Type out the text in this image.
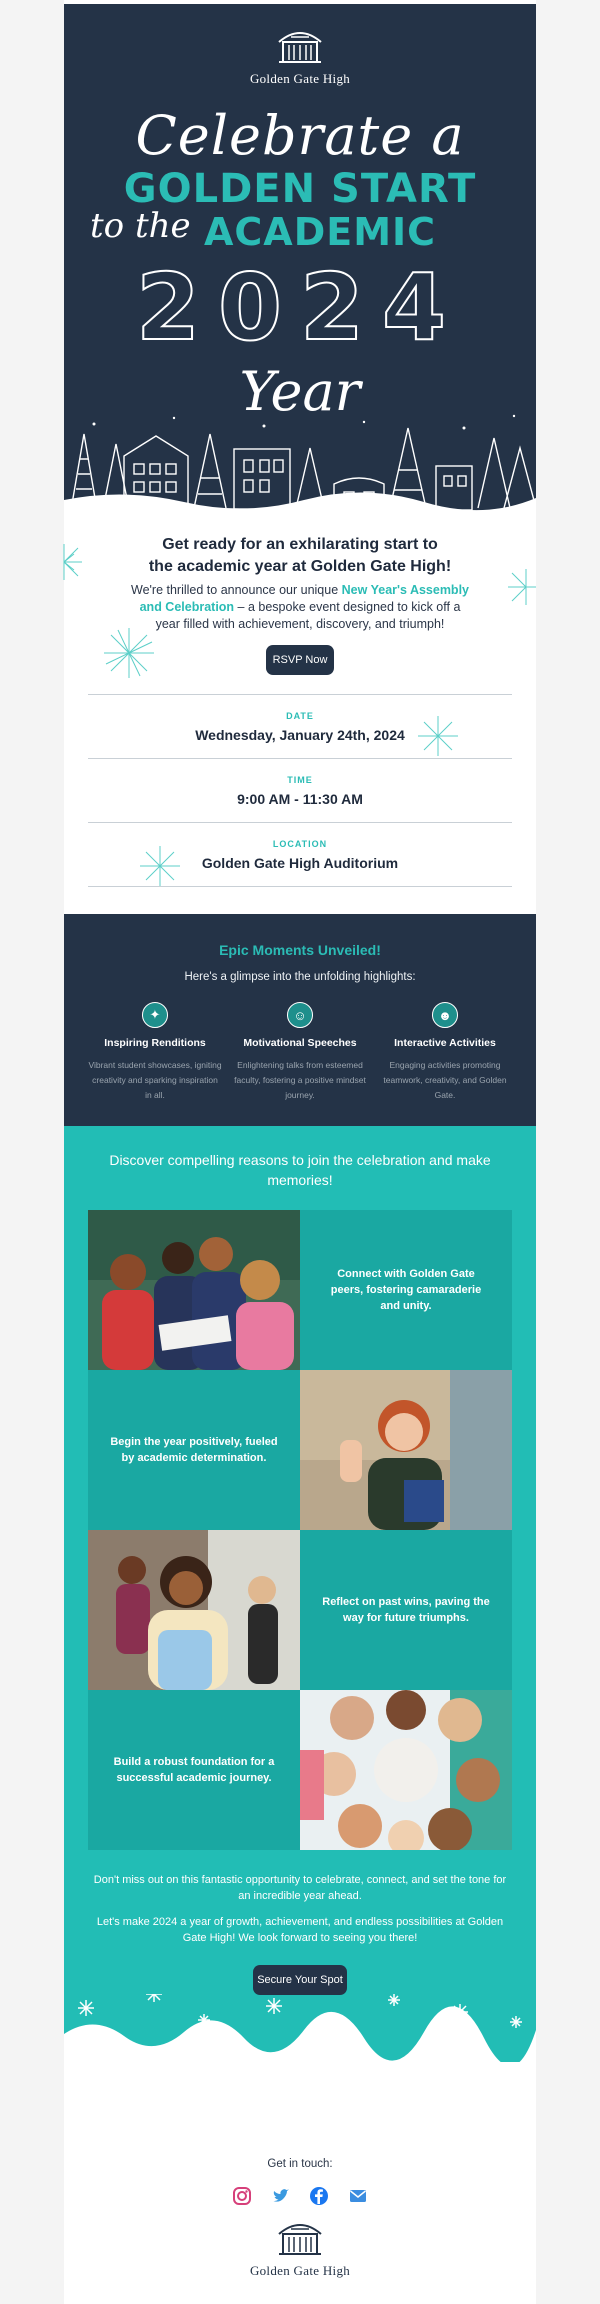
Golden Gate High
Celebrate a
GOLDEN START
to the ACADEMIC
2024
Year
Get ready for an exhilarating start to
the academic year at Golden Gate High!

We're thrilled to announce our unique New Year's Assembly and Celebration – a bespoke event designed to kick off a year filled with achievement, discovery, and triumph!

RSVP Now
DATE
Wednesday, January 24th, 2024
TIME
9:00 AM - 11:30 AM
LOCATION
Golden Gate High Auditorium
Epic Moments Unveiled!
Here's a glimpse into the unfolding highlights:
✦
Inspiring Renditions
Vibrant student showcases, igniting creativity and sparking inspiration in all.
☺
Motivational Speeches
Enlightening talks from esteemed faculty, fostering a positive mindset journey.
☻
Interactive Activities
Engaging activities promoting teamwork, creativity, and Golden Gate.
Discover compelling reasons to join the celebration and make memories!
Connect with Golden Gate peers, fostering camaraderie and unity.
Begin the year positively, fueled by academic determination.
Reflect on past wins, paving the way for future triumphs.
Build a robust foundation for a successful academic journey.
Don't miss out on this fantastic opportunity to celebrate, connect, and set the tone for an incredible year ahead.
Let's make 2024 a year of growth, achievement, and endless possibilities at Golden Gate High! We look forward to seeing you there!
Secure Your Spot
Get in touch:

Golden Gate High
